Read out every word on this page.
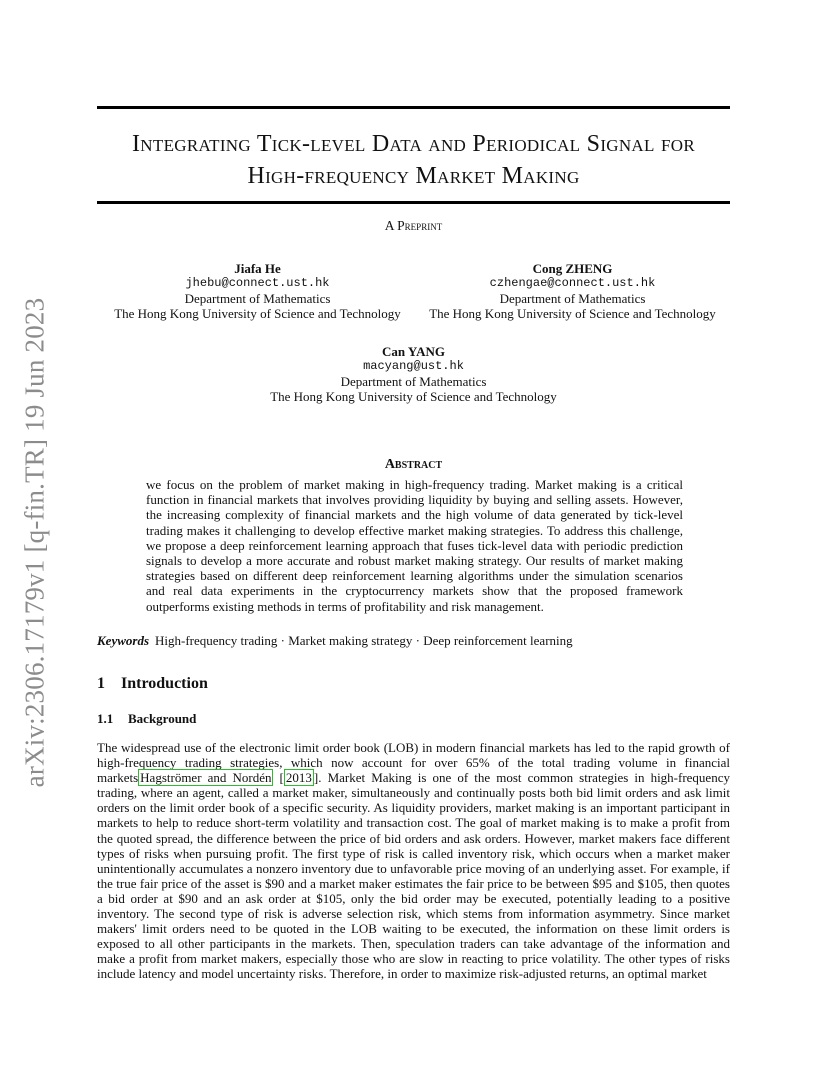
arXiv:2306.17179v1 [q-fin.TR] 19 Jun 2023
Integrating Tick-level Data and Periodical Signal for
High-frequency Market Making
A Preprint
Jiafa He
jhebu@connect.ust.hk
Department of Mathematics
The Hong Kong University of Science and Technology
Cong ZHENG
czhengae@connect.ust.hk
Department of Mathematics
The Hong Kong University of Science and Technology
Can YANG
macyang@ust.hk
Department of Mathematics
The Hong Kong University of Science and Technology
Abstract
we focus on the problem of market making in high-frequency trading. Market making is a critical function in financial markets that involves providing liquidity by buying and selling assets. However, the increasing complexity of financial markets and the high volume of data generated by tick-level trading makes it challenging to develop effective market making strategies. To address this challenge, we propose a deep reinforcement learning approach that fuses tick-level data with periodic prediction signals to develop a more accurate and robust market making strategy. Our results of market making strategies based on different deep reinforcement learning algorithms under the simulation scenarios and real data experiments in the cryptocurrency markets show that the proposed framework outperforms existing methods in terms of profitability and risk management.
Keywords High-frequency trading · Market making strategy · Deep reinforcement learning
1 Introduction
1.1 Background
The widespread use of the electronic limit order book (LOB) in modern financial markets has led to the rapid growth of high-frequency trading strategies, which now account for over 65% of the total trading volume in financial markets Hagströmer and Nordén [ 2013 ]. Market Making is one of the most common strategies in high-frequency trading, where an agent, called a market maker, simultaneously and continually posts both bid limit orders and ask limit orders on the limit order book of a specific security. As liquidity providers, market making is an important participant in markets to help to reduce short-term volatility and transaction cost. The goal of market making is to make a profit from the quoted spread, the difference between the price of bid orders and ask orders. However, market makers face different types of risks when pursuing profit. The first type of risk is called inventory risk, which occurs when a market maker unintentionally accumulates a nonzero inventory due to unfavorable price moving of an underlying asset. For example, if the true fair price of the asset is $90 and a market maker estimates the fair price to be between $95 and $105, then quotes a bid order at $90 and an ask order at $105, only the bid order may be executed, potentially leading to a positive inventory. The second type of risk is adverse selection risk, which stems from information asymmetry. Since market makers' limit orders need to be quoted in the LOB waiting to be executed, the information on these limit orders is exposed to all other participants in the markets. Then, speculation traders can take advantage of the information and make a profit from market makers, especially those who are slow in reacting to price volatility. The other types of risks include latency and model uncertainty risks. Therefore, in order to maximize risk-adjusted returns, an optimal market
